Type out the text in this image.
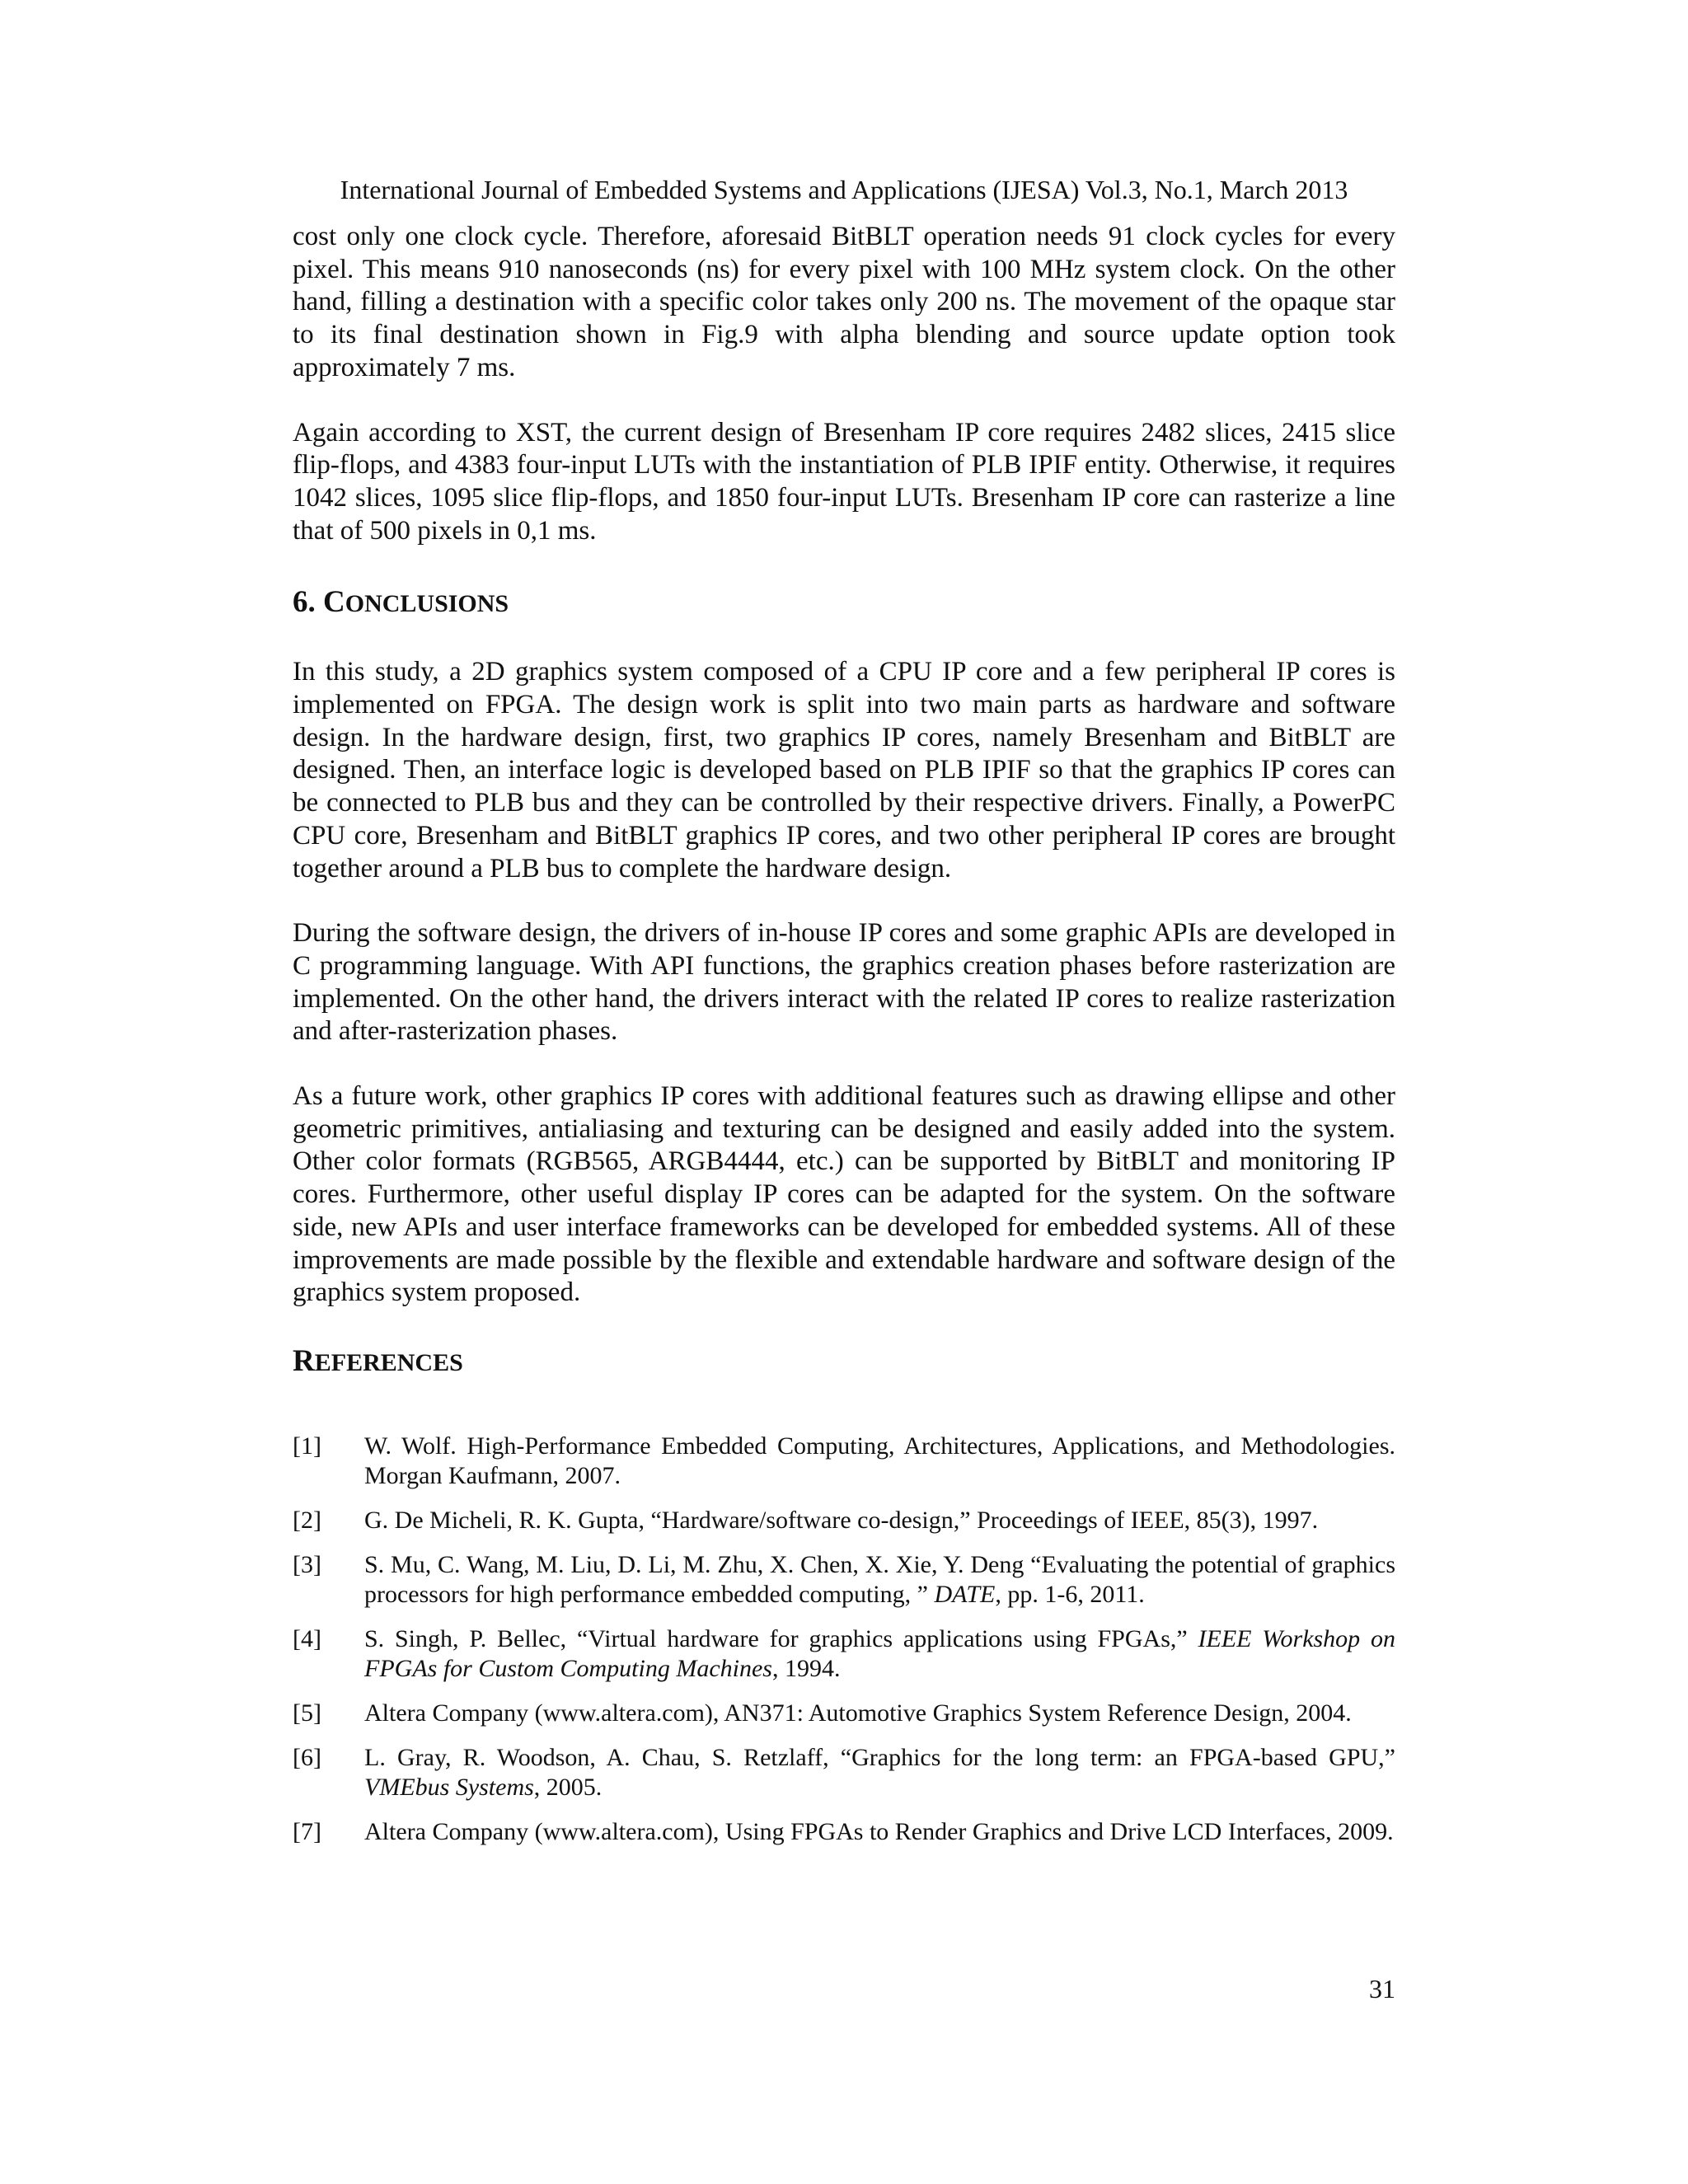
International Journal of Embedded Systems and Applications (IJESA) Vol.3, No.1, March 2013

cost only one clock cycle. Therefore, aforesaid BitBLT operation needs 91 clock cycles for every pixel. This means 910 nanoseconds (ns) for every pixel with 100 MHz system clock. On the other hand, filling a destination with a specific color takes only 200 ns. The movement of the opaque star to its final destination shown in Fig.9 with alpha blending and source update option took approximately 7 ms.

Again according to XST, the current design of Bresenham IP core requires 2482 slices, 2415 slice flip-flops, and 4383 four-input LUTs with the instantiation of PLB IPIF entity. Otherwise, it requires 1042 slices, 1095 slice flip-flops, and 1850 four-input LUTs. Bresenham IP core can rasterize a line that of 500 pixels in 0,1 ms.

6. CONCLUSIONS

In this study, a 2D graphics system composed of a CPU IP core and a few peripheral IP cores is implemented on FPGA. The design work is split into two main parts as hardware and software design. In the hardware design, first, two graphics IP cores, namely Bresenham and BitBLT are designed. Then, an interface logic is developed based on PLB IPIF so that the graphics IP cores can be connected to PLB bus and they can be controlled by their respective drivers. Finally, a PowerPC CPU core, Bresenham and BitBLT graphics IP cores, and two other peripheral IP cores are brought together around a PLB bus to complete the hardware design.

During the software design, the drivers of in-house IP cores and some graphic APIs are developed in C programming language. With API functions, the graphics creation phases before rasterization are implemented. On the other hand, the drivers interact with the related IP cores to realize rasterization and after-rasterization phases.

As a future work, other graphics IP cores with additional features such as drawing ellipse and other geometric primitives, antialiasing and texturing can be designed and easily added into the system. Other color formats (RGB565, ARGB4444, etc.) can be supported by BitBLT and monitoring IP cores. Furthermore, other useful display IP cores can be adapted for the system. On the software side, new APIs and user interface frameworks can be developed for embedded systems. All of these improvements are made possible by the flexible and extendable hardware and software design of the graphics system proposed.

REFERENCES
[1] W. Wolf. High-Performance Embedded Computing, Architectures, Applications, and Methodologies. Morgan Kaufmann, 2007.
[2] G. De Micheli, R. K. Gupta, “Hardware/software co-design,” Proceedings of IEEE, 85(3), 1997.
[3] S. Mu, C. Wang, M. Liu, D. Li, M. Zhu, X. Chen, X. Xie, Y. Deng “Evaluating the potential of graphics processors for high performance embedded computing, ” DATE, pp. 1-6, 2011.
[4] S. Singh, P. Bellec, “Virtual hardware for graphics applications using FPGAs,” IEEE Workshop on FPGAs for Custom Computing Machines, 1994.
[5] Altera Company (www.altera.com), AN371: Automotive Graphics System Reference Design, 2004.
[6] L. Gray, R. Woodson, A. Chau, S. Retzlaff, “Graphics for the long term: an FPGA-based GPU,” VMEbus Systems, 2005.
[7] Altera Company (www.altera.com), Using FPGAs to Render Graphics and Drive LCD Interfaces, 2009.
31
